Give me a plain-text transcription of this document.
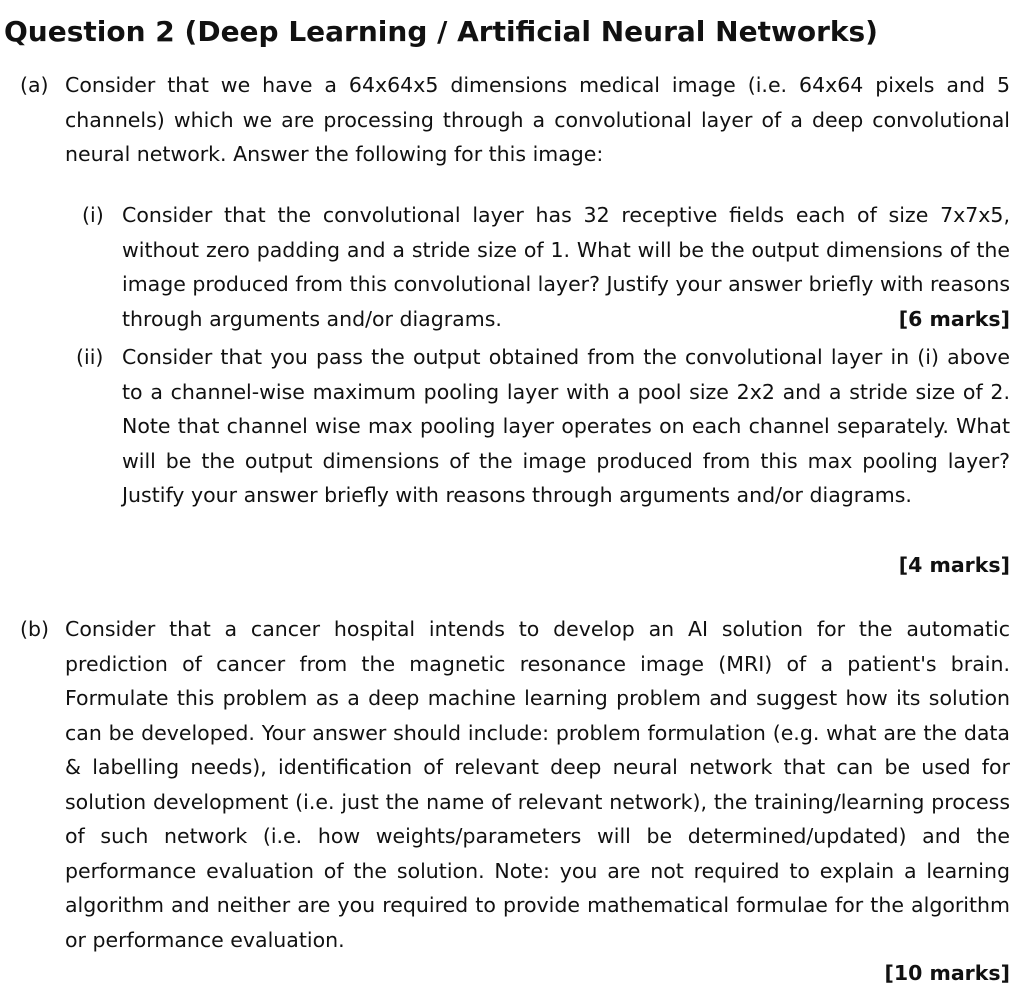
Question 2 (Deep Learning / Artificial Neural Networks)
(a) Consider that we have a 64x64x5 dimensions medical image (i.e. 64x64 pixels and 5 channels) which we are processing through a convolutional layer of a deep convolutional neural network. Answer the following for this image:
(i) Consider that the convolutional layer has 32 receptive fields each of size 7x7x5, without zero padding and a stride size of 1. What will be the output dimensions of the image produced from this convolutional layer? Justify your answer briefly with reasons through arguments and/or diagrams.	[6 marks]
(ii) Consider that you pass the output obtained from the convolutional layer in (i) above to a channel-wise maximum pooling layer with a pool size 2x2 and a stride size of 2. Note that channel wise max pooling layer operates on each channel separately. What will be the output dimensions of the image produced from this max pooling layer? Justify your answer briefly with reasons through arguments and/or diagrams.
[4 marks]
(b) Consider that a cancer hospital intends to develop an AI solution for the automatic prediction of cancer from the magnetic resonance image (MRI) of a patient's brain. Formulate this problem as a deep machine learning problem and suggest how its solution can be developed. Your answer should include: problem formulation (e.g. what are the data & labelling needs), identification of relevant deep neural network that can be used for solution development (i.e. just the name of relevant network), the training/learning process of such network (i.e. how weights/parameters will be determined/updated) and the performance evaluation of the solution. Note: you are not required to explain a learning algorithm and neither are you required to provide mathematical formulae for the algorithm or performance evaluation.
[10 marks]
